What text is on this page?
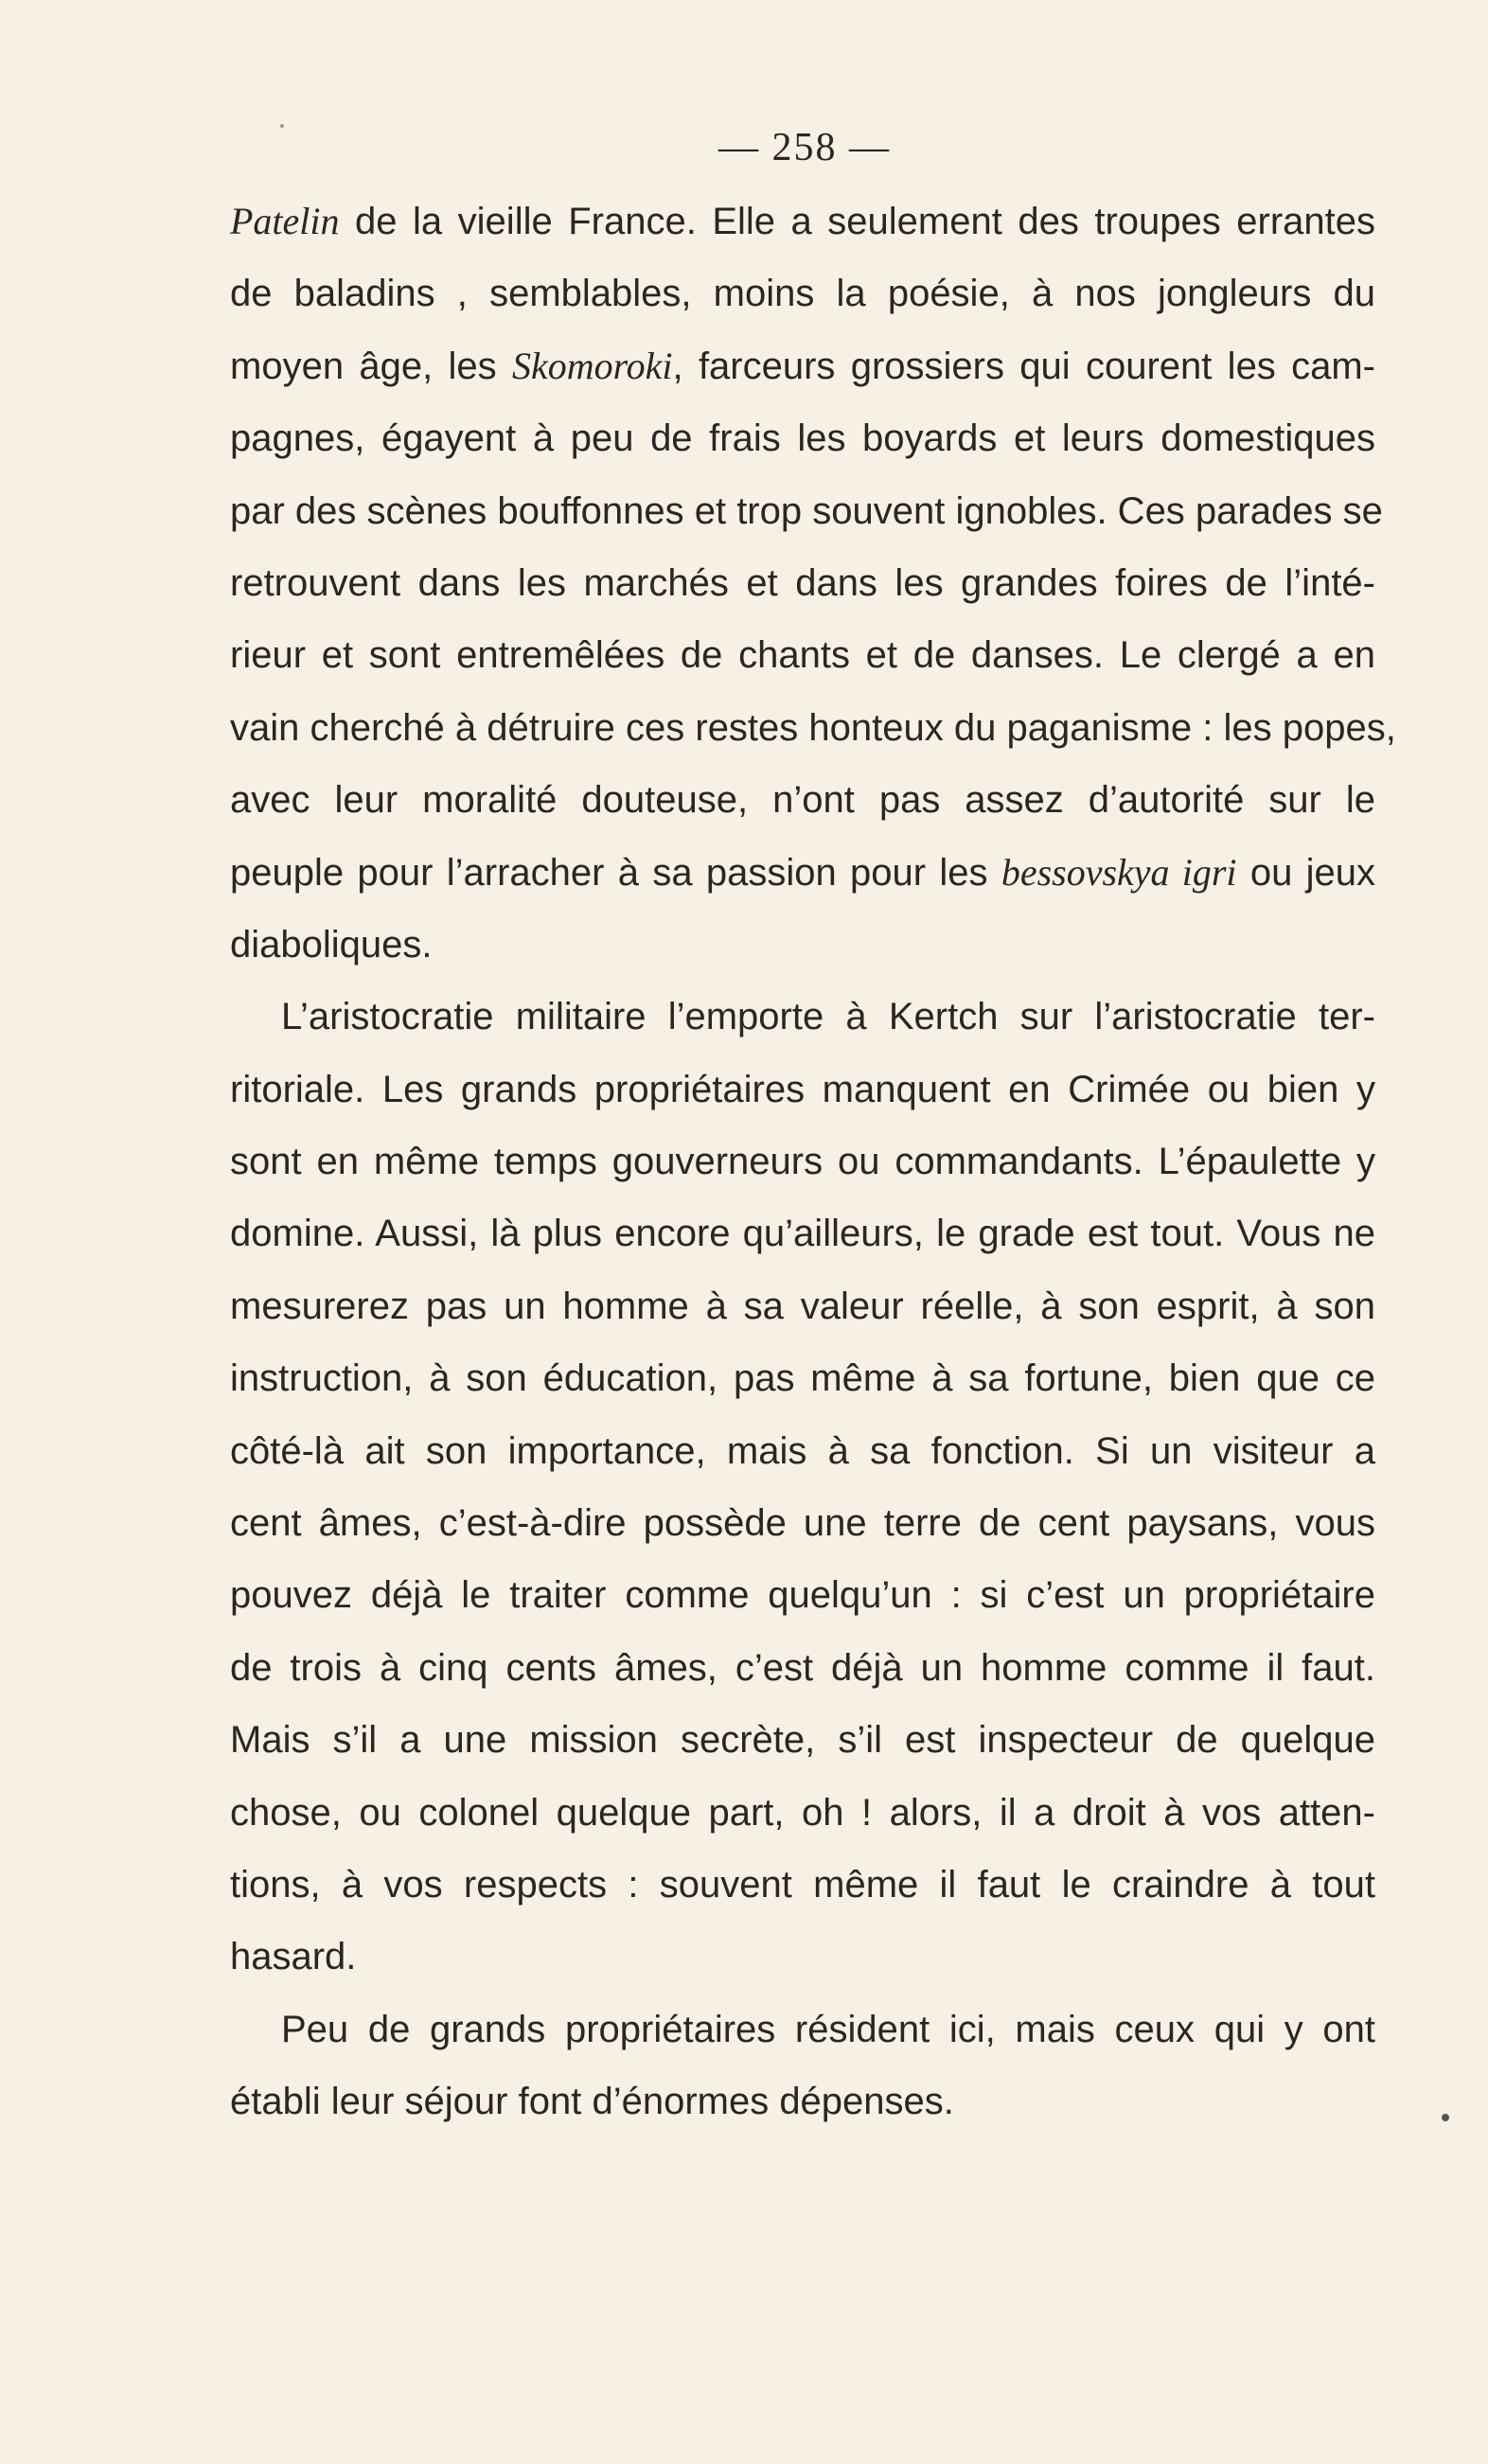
— 258 —
Patelin de la vieille France. Elle a seulement des troupes errantes
de baladins , semblables, moins la poésie, à nos jongleurs du
moyen âge, les Skomoroki, farceurs grossiers qui courent les cam-
pagnes, égayent à peu de frais les boyards et leurs domestiques
par des scènes bouffonnes et trop souvent ignobles. Ces parades se
retrouvent dans les marchés et dans les grandes foires de l’inté-
rieur et sont entremêlées de chants et de danses. Le clergé a en
vain cherché à détruire ces restes honteux du paganisme : les popes,
avec leur moralité douteuse, n’ont pas assez d’autorité sur le
peuple pour l’arracher à sa passion pour les bessovskya igri ou jeux
diaboliques.
L’aristocratie militaire l’emporte à Kertch sur l’aristocratie ter-
ritoriale. Les grands propriétaires manquent en Crimée ou bien y
sont en même temps gouverneurs ou commandants. L’épaulette y
domine. Aussi, là plus encore qu’ailleurs, le grade est tout. Vous ne
mesurerez pas un homme à sa valeur réelle, à son esprit, à son
instruction, à son éducation, pas même à sa fortune, bien que ce
côté-là ait son importance, mais à sa fonction. Si un visiteur a
cent âmes, c’est-à-dire possède une terre de cent paysans, vous
pouvez déjà le traiter comme quelqu’un : si c’est un propriétaire
de trois à cinq cents âmes, c’est déjà un homme comme il faut.
Mais s’il a une mission secrète, s’il est inspecteur de quelque
chose, ou colonel quelque part, oh ! alors, il a droit à vos atten-
tions, à vos respects : souvent même il faut le craindre à tout
hasard.
Peu de grands propriétaires résident ici, mais ceux qui y ont
établi leur séjour font d’énormes dépenses.
